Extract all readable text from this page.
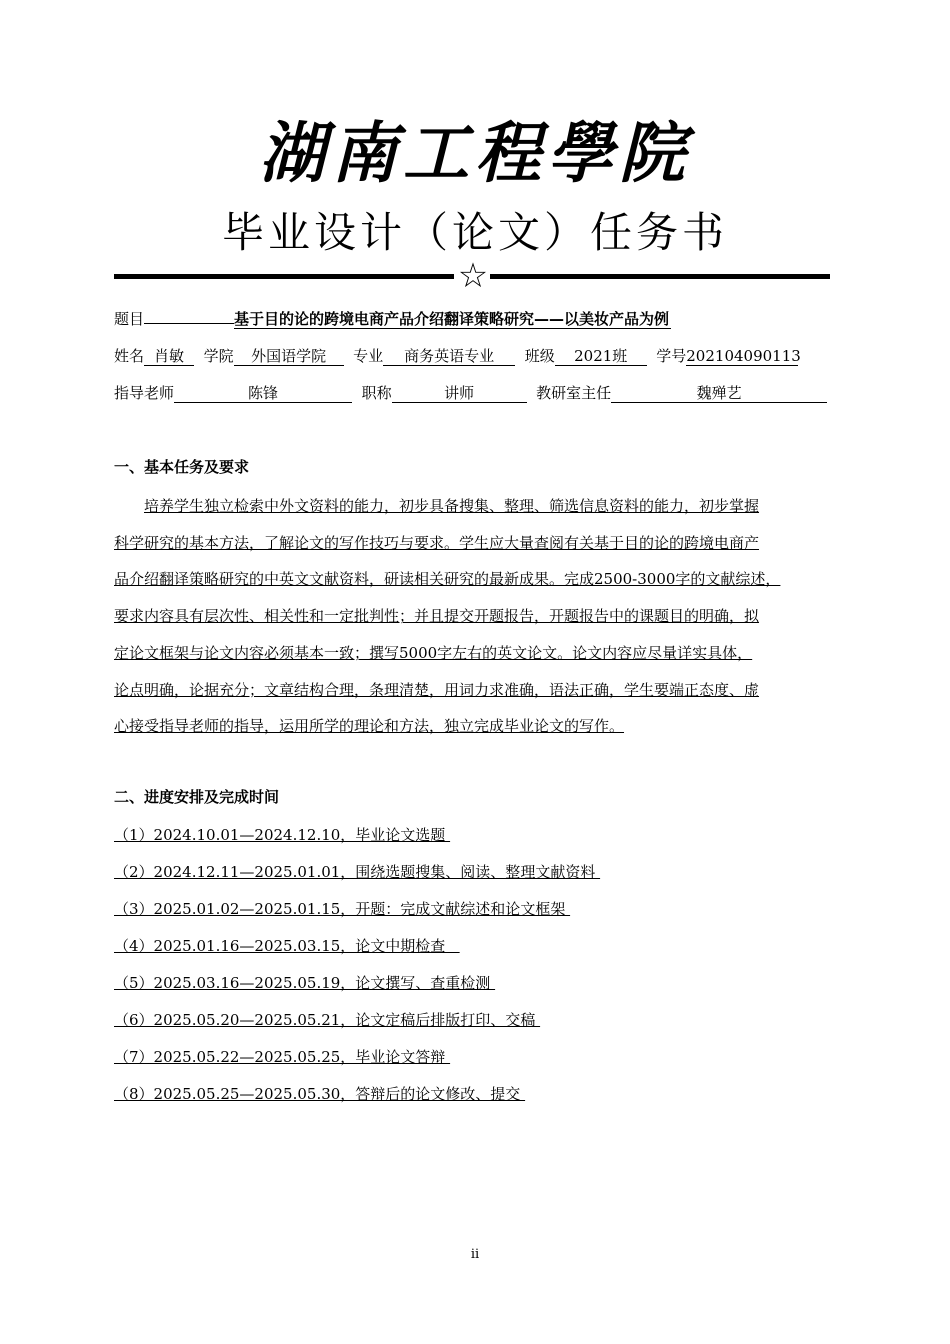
湖南工程學院
毕业设计（论文）任务书
☆
题目	基于目的论的跨境电商产品介绍翻译策略研究——以美妆产品为例
姓名 肖敏 学院 外国语学院 专业 商务英语专业 班级 2021班 学号202104090113
指导老师	陈锋	职称	讲师	教研室主任	魏殚艺
一、基本任务及要求
培养学生独立检索中外文资料的能力，初步具备搜集、整理、筛选信息资料的能力，初步掌握
科学研究的基本方法，了解论文的写作技巧与要求。学生应大量查阅有关基于目的论的跨境电商产
品介绍翻译策略研究的中英文文献资料，研读相关研究的最新成果。完成2500-3000字的文献综述，
要求内容具有层次性、相关性和一定批判性；并且提交开题报告，开题报告中的课题目的明确，拟
定论文框架与论文内容必须基本一致；撰写5000字左右的英文论文。论文内容应尽量详实具体，
论点明确，论据充分；文章结构合理，条理清楚，用词力求准确，语法正确，学生要端正态度、虚
心接受指导老师的指导，运用所学的理论和方法，独立完成毕业论文的写作。
二、进度安排及完成时间
（1）2024.10.01—2024.12.10，毕业论文选题
（2）2024.12.11—2025.01.01，围绕选题搜集、阅读、整理文献资料
（3）2025.01.02—2025.01.15，开题：完成文献综述和论文框架
（4）2025.01.16—2025.03.15，论文中期检查
（5）2025.03.16—2025.05.19，论文撰写、查重检测
（6）2025.05.20—2025.05.21，论文定稿后排版打印、交稿
（7）2025.05.22—2025.05.25，毕业论文答辩
（8）2025.05.25—2025.05.30，答辩后的论文修改、提交
ii
